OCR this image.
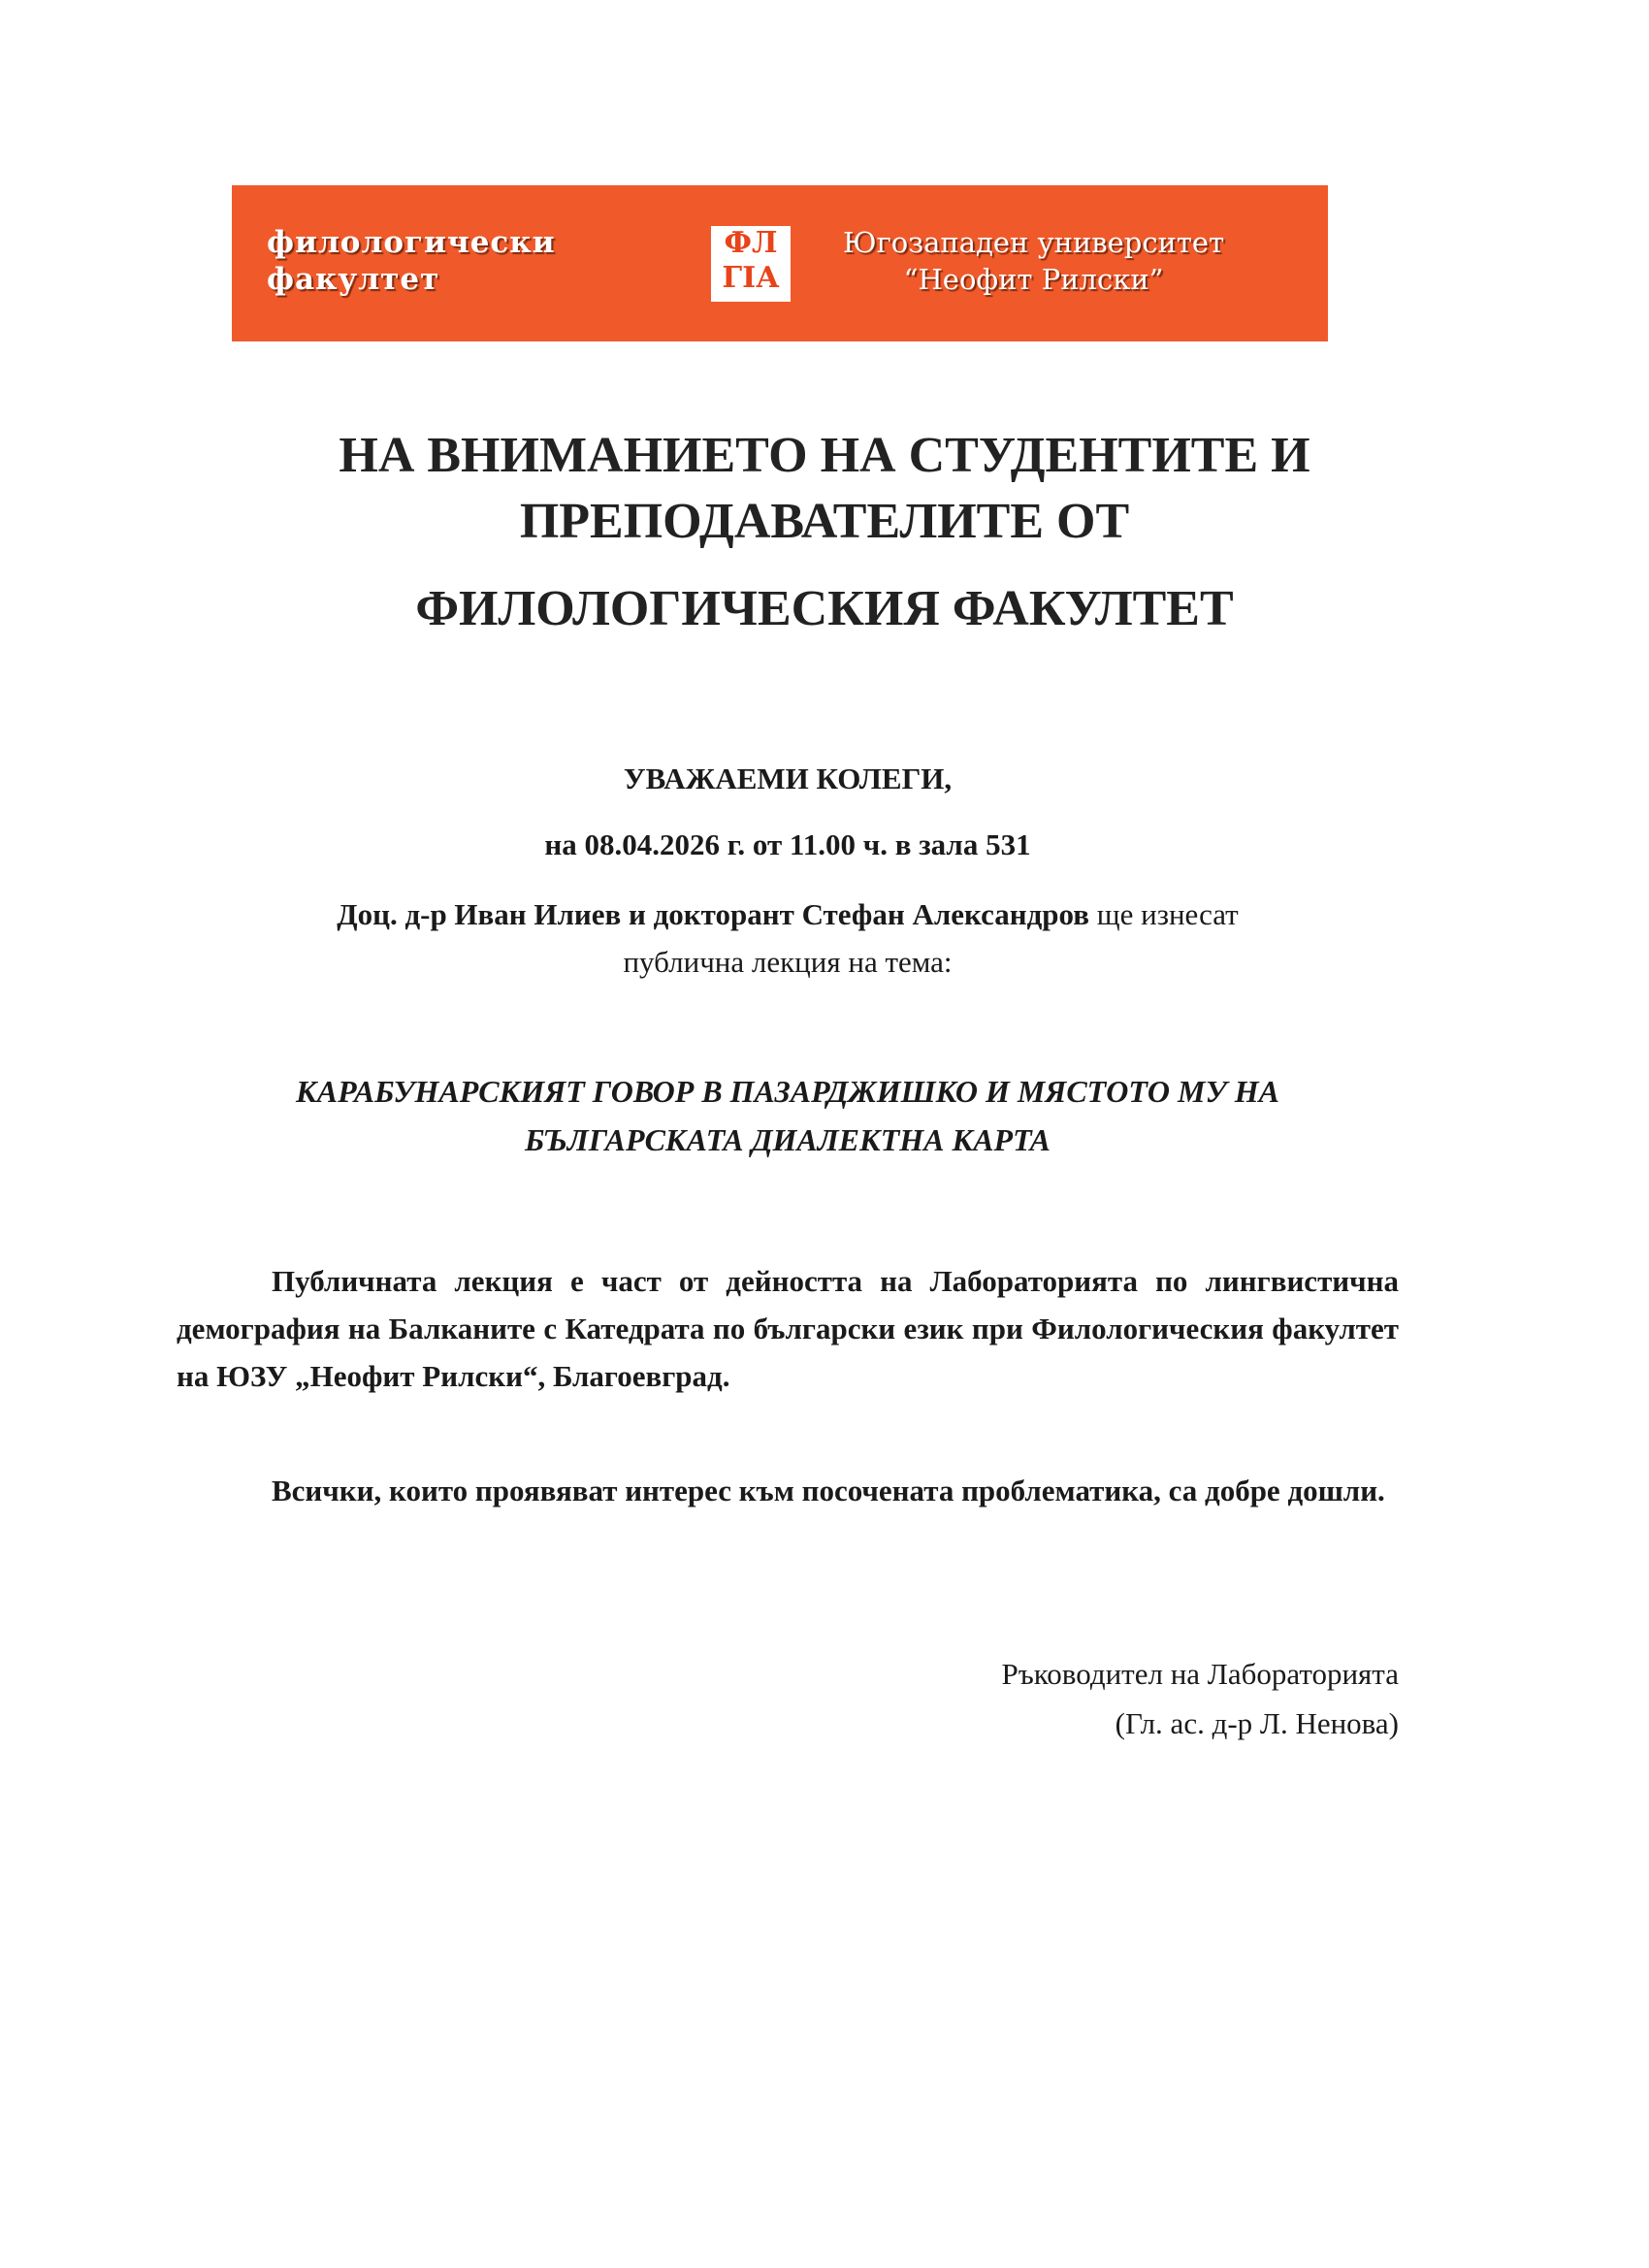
филологически
факултет
ФЛ
ГІА
Югозападен университет
“Неофит Рилски”
НА ВНИМАНИЕТО НА СТУДЕНТИТЕ И
ПРЕПОДАВАТЕЛИТЕ ОТ
ФИЛОЛОГИЧЕСКИЯ ФАКУЛТЕТ
УВАЖАЕМИ КОЛЕГИ,
на 08.04.2026 г. от 11.00 ч. в зала 531
Доц. д-р Иван Илиев и докторант Стефан Александров ще изнесат
публична лекция на тема:
КАРАБУНАРСКИЯТ ГОВОР В ПАЗАРДЖИШКО И МЯСТОТО МУ НА
БЪЛГАРСКАТА ДИАЛЕКТНА КАРТА
Публичната лекция е част от дейността на Лабораторията по лингвистична демография на Балканите с Катедрата по български език при Филологическия факултет на ЮЗУ „Неофит Рилски“, Благоевград.
Всички, които проявяват интерес към посочената проблематика, са добре дошли.
Ръководител на Лабораторията
(Гл. ас. д-р Л. Ненова)
